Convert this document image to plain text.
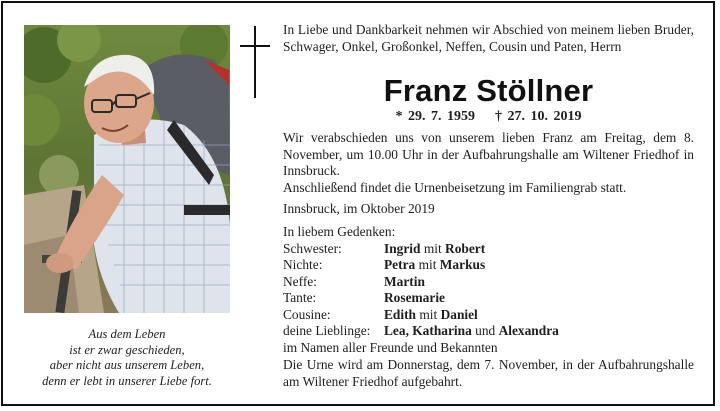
Aus dem Leben
ist er zwar geschieden,
aber nicht aus unserem Leben,
denn er lebt in unserer Liebe fort.
In Liebe und Dankbarkeit nehmen wir Abschied von meinem lieben Bruder, Schwager, Onkel, Großonkel, Neffen, Cousin und Paten, Herrn
Franz Stöllner
* 29. 7. 1959 † 27. 10. 2019
Wir verabschieden uns von unserem lieben Franz am Freitag, dem 8. November, um 10.00 Uhr in der Aufbahrungshalle am Wiltener Friedhof in Innsbruck.
Anschließend findet die Urnenbeisetzung im Familiengrab statt.
Innsbruck, im Oktober 2019
In liebem Gedenken:
Schwester:	Ingrid mit Robert
Nichte:	Petra mit Markus
Neffe:	Martin
Tante:	Rosemarie
Cousine:	Edith mit Daniel
deine Lieblinge:	Lea, Katharina und Alexandra
im Namen aller Freunde und Bekannten
Die Urne wird am Donnerstag, dem 7. November, in der Aufbahrungshalle am Wiltener Friedhof aufgebahrt.
